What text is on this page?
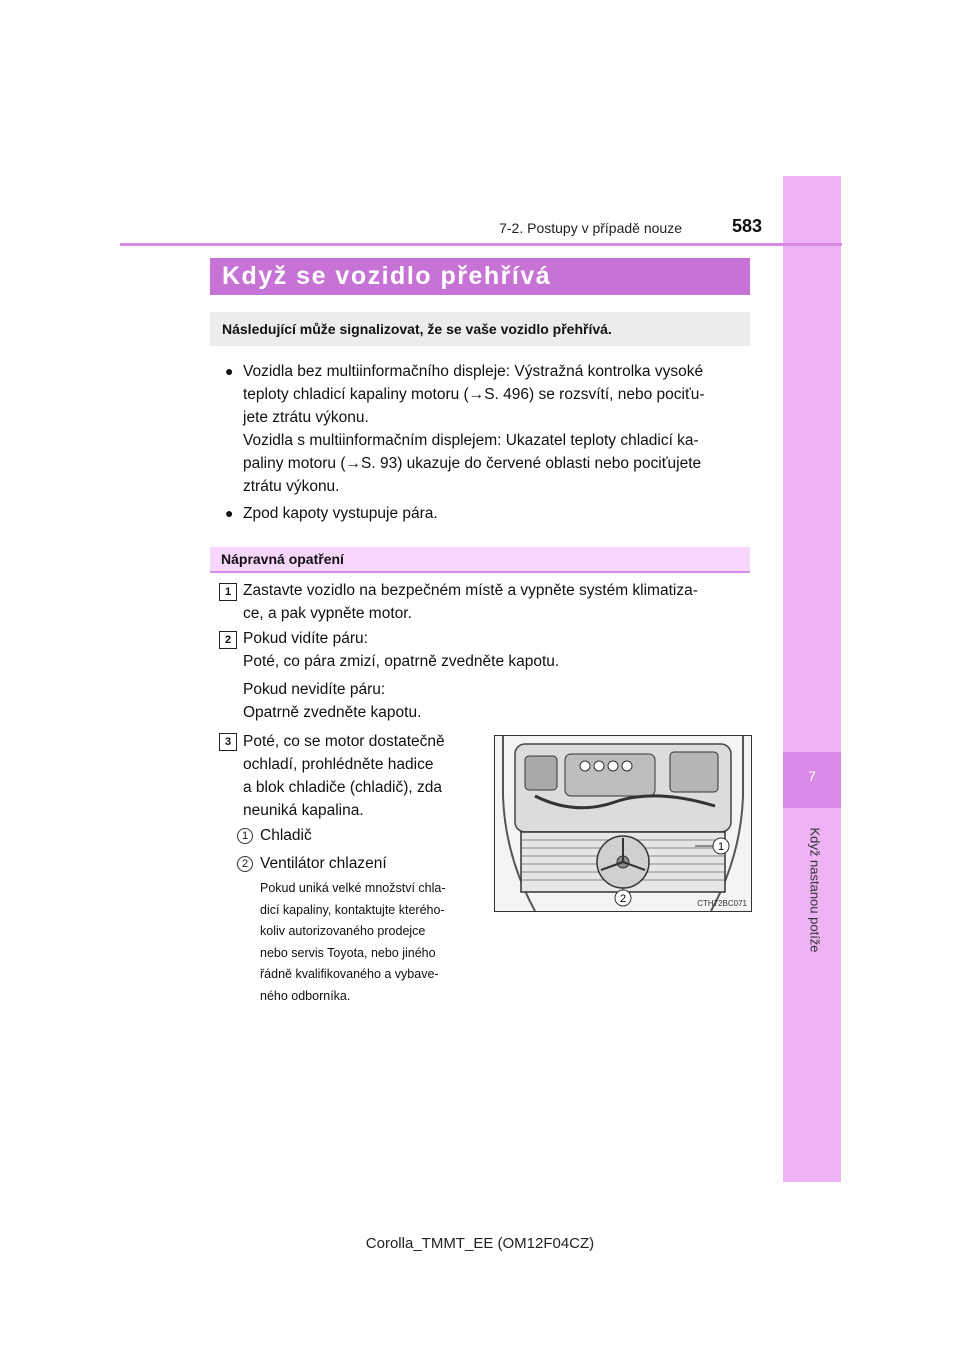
7
Když nastanou potíže
7-2. Postupy v případě nouze	583
Když se vozidlo přehřívá
Následující může signalizovat, že se vaše vozidlo přehřívá.
● Vozidla bez multiinformačního displeje: Výstražná kontrolka vysoké
teploty chladicí kapaliny motoru (→S. 496) se rozsvítí, nebo pociťu-
jete ztrátu výkonu.
Vozidla s multiinformačním displejem: Ukazatel teploty chladicí ka-
paliny motoru (→S. 93) ukazuje do červené oblasti nebo pociťujete
ztrátu výkonu.
● Zpod kapoty vystupuje pára.
Nápravná opatření
1 Zastavte vozidlo na bezpečném místě a vypněte systém klimatiza-
ce, a pak vypněte motor.
2 Pokud vidíte páru:
Poté, co pára zmizí, opatrně zvedněte kapotu.
Pokud nevidíte páru:
Opatrně zvedněte kapotu.
3 Poté, co se motor dostatečně
ochladí, prohlédněte hadice
a blok chladiče (chladič), zda
neuniká kapalina.
1 Chladič
2 Ventilátor chlazení
Pokud uniká velké množství chla-
dicí kapaliny, kontaktujte kterého-
koliv autorizovaného prodejce
nebo servis Toyota, nebo jiného
řádně kvalifikovaného a vybave-
ného odborníka.
1
2	CTH72BC071
Corolla_TMMT_EE (OM12F04CZ)
